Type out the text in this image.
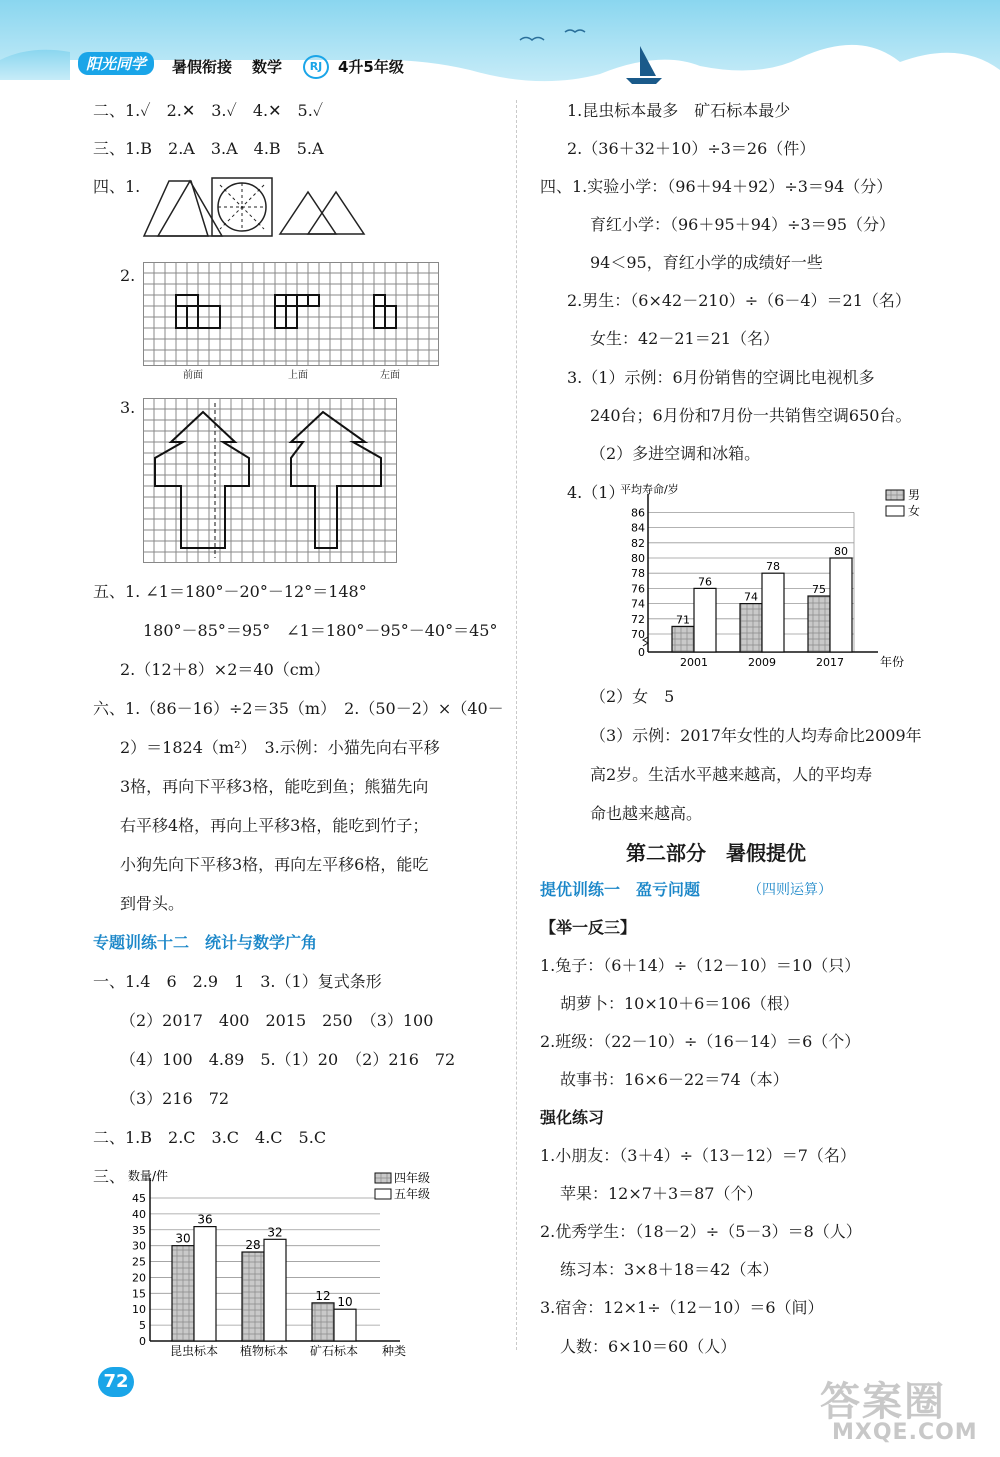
阳光同学	暑假衔接 数学	RJ	4升5年级
二、1.✓　2.✕　3.✓　4.✕　5.✓
三、1.B　2.A　3.A　4.B　5.A
四、1.
2.
前面	上面	左面
3.
五、1. ∠1＝180°－20°－12°＝148°
180°－85°＝95°　∠1＝180°－95°－40°＝45°
2.（12＋8）×2＝40（cm）
六、1.（86－16）÷2＝35（m）　2.（50－2）×（40－
2）＝1824（m²）　3.示例：小猫先向右平移
3格，再向下平移3格，能吃到鱼；熊猫先向
右平移4格，再向上平移3格，能吃到竹子；
小狗先向下平移3格，再向左平移6格，能吃
到骨头。
专题训练十二　统计与数学广角
一、1.4　6　2.9　1　3.（1）复式条形
（2）2017　400　2015　250　（3）100
（4）100　4.89　5.（1）20　（2）216　72
（3）216　72
二、1.B　2.C　3.C　4.C　5.C
三、
0
5
10
15
20
25
30
35
40
45
数量/件
种类
昆虫标本
30
36
植物标本
28
32
矿石标本
12 10
四年级
五年级
1.昆虫标本最多　矿石标本最少
2.（36＋32＋10）÷3＝26（件）
四、1.实验小学：（96＋94＋92）÷3＝94（分）
育红小学：（96＋95＋94）÷3＝95（分）
94＜95，育红小学的成绩好一些
2.男生：（6×42－210）÷（6－4）＝21（名）
女生：42－21＝21（名）
3.（1）示例：6月份销售的空调比电视机多
240台；6月份和7月份一共销售空调650台。
（2）多进空调和冰箱。
4.（1）
0
70
72
74
76
78
80
82
84
86
平均寿命/岁
年份
2001
71
76
2009
74
78
2017
75
80
男
女
（2）女　5
（3）示例：2017年女性的人均寿命比2009年
高2岁。生活水平越来越高，人的平均寿
命也越来越高。
第二部分　暑假提优
提优训练一　盈亏问题	（四则运算）
【举一反三】
1.兔子：（6＋14）÷（12－10）＝10（只）
胡萝卜：10×10＋6＝106（根）
2.班级：（22－10）÷（16－14）＝6（个）
故事书：16×6－22＝74（本）
强化练习
1.小朋友：（3＋4）÷（13－12）＝7（名）
苹果：12×7＋3＝87（个）
2.优秀学生：（18－2）÷（5－3）＝8（人）
练习本：3×8＋18＝42（本）
3.宿舍：12×1÷（12－10）＝6（间）
人数：6×10＝60（人）
72	答案圈
MXQE.COM
